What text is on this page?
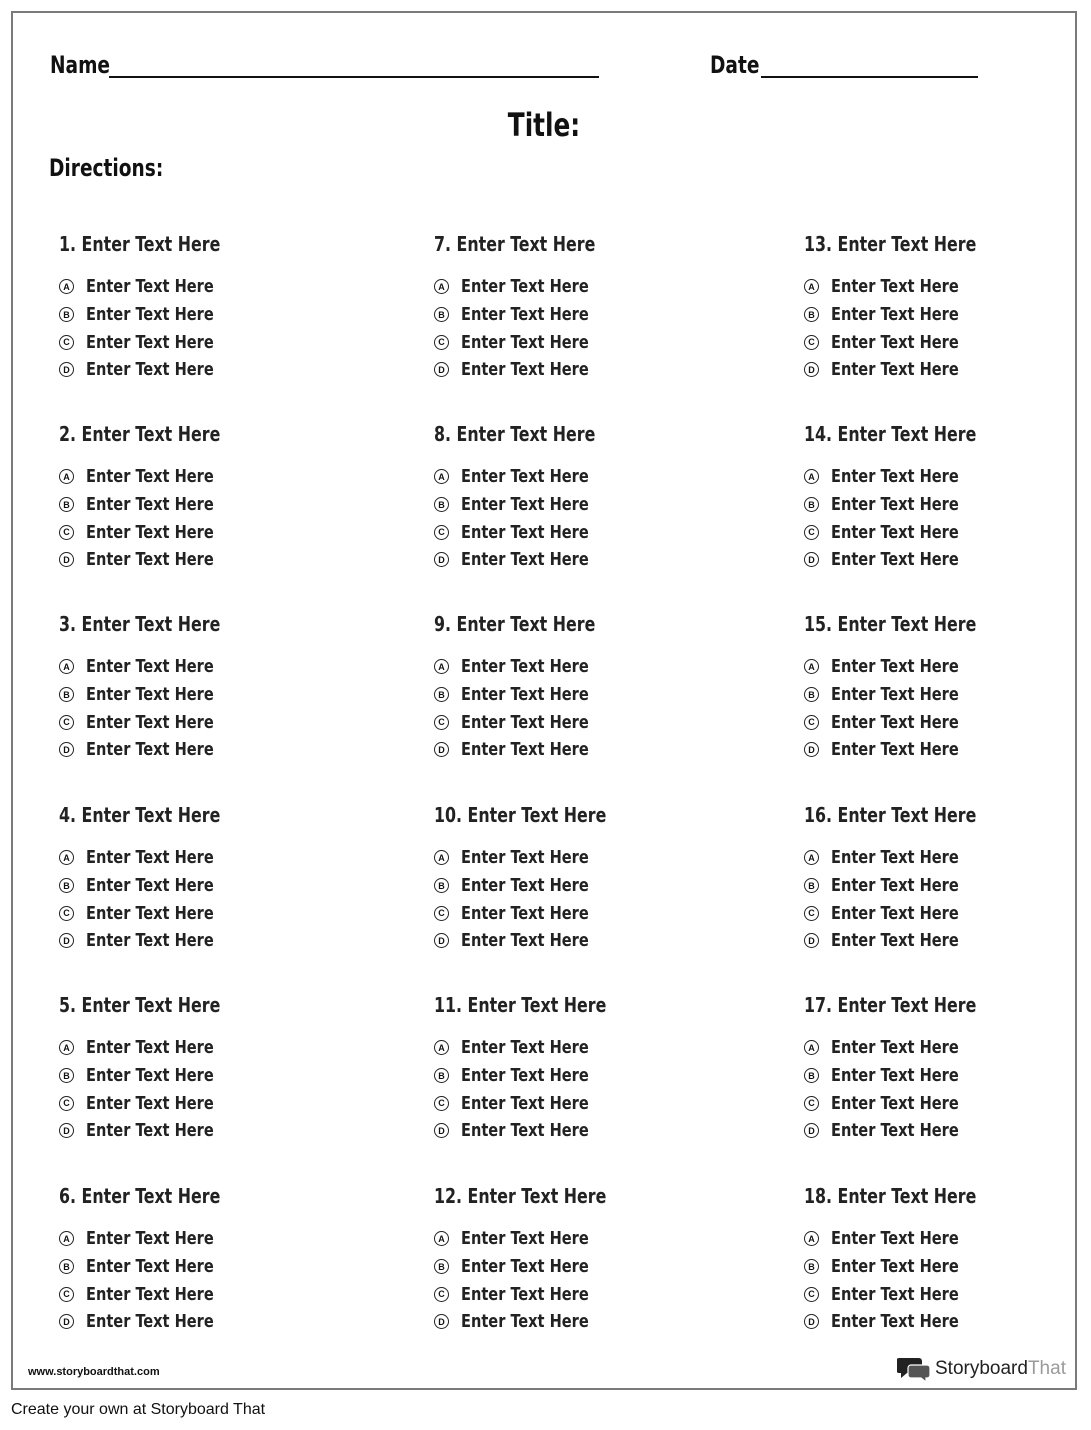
Name	Date
Title:
Directions:
1. Enter Text Here
A Enter Text Here
B Enter Text Here
C Enter Text Here
D Enter Text Here
2. Enter Text Here
A Enter Text Here
B Enter Text Here
C Enter Text Here
D Enter Text Here
3. Enter Text Here
A Enter Text Here
B Enter Text Here
C Enter Text Here
D Enter Text Here
4. Enter Text Here
A Enter Text Here
B Enter Text Here
C Enter Text Here
D Enter Text Here
5. Enter Text Here
A Enter Text Here
B Enter Text Here
C Enter Text Here
D Enter Text Here
6. Enter Text Here
A Enter Text Here
B Enter Text Here
C Enter Text Here
D Enter Text Here
7. Enter Text Here
A Enter Text Here
B Enter Text Here
C Enter Text Here
D Enter Text Here
8. Enter Text Here
A Enter Text Here
B Enter Text Here
C Enter Text Here
D Enter Text Here
9. Enter Text Here
A Enter Text Here
B Enter Text Here
C Enter Text Here
D Enter Text Here
10. Enter Text Here
A Enter Text Here
B Enter Text Here
C Enter Text Here
D Enter Text Here
11. Enter Text Here
A Enter Text Here
B Enter Text Here
C Enter Text Here
D Enter Text Here
12. Enter Text Here
A Enter Text Here
B Enter Text Here
C Enter Text Here
D Enter Text Here
13. Enter Text Here
A Enter Text Here
B Enter Text Here
C Enter Text Here
D Enter Text Here
14. Enter Text Here
A Enter Text Here
B Enter Text Here
C Enter Text Here
D Enter Text Here
15. Enter Text Here
A Enter Text Here
B Enter Text Here
C Enter Text Here
D Enter Text Here
16. Enter Text Here
A Enter Text Here
B Enter Text Here
C Enter Text Here
D Enter Text Here
17. Enter Text Here
A Enter Text Here
B Enter Text Here
C Enter Text Here
D Enter Text Here
18. Enter Text Here
A Enter Text Here
B Enter Text Here
C Enter Text Here
D Enter Text Here
www.storyboardthat.com	StoryboardThat
Create your own at Storyboard That
